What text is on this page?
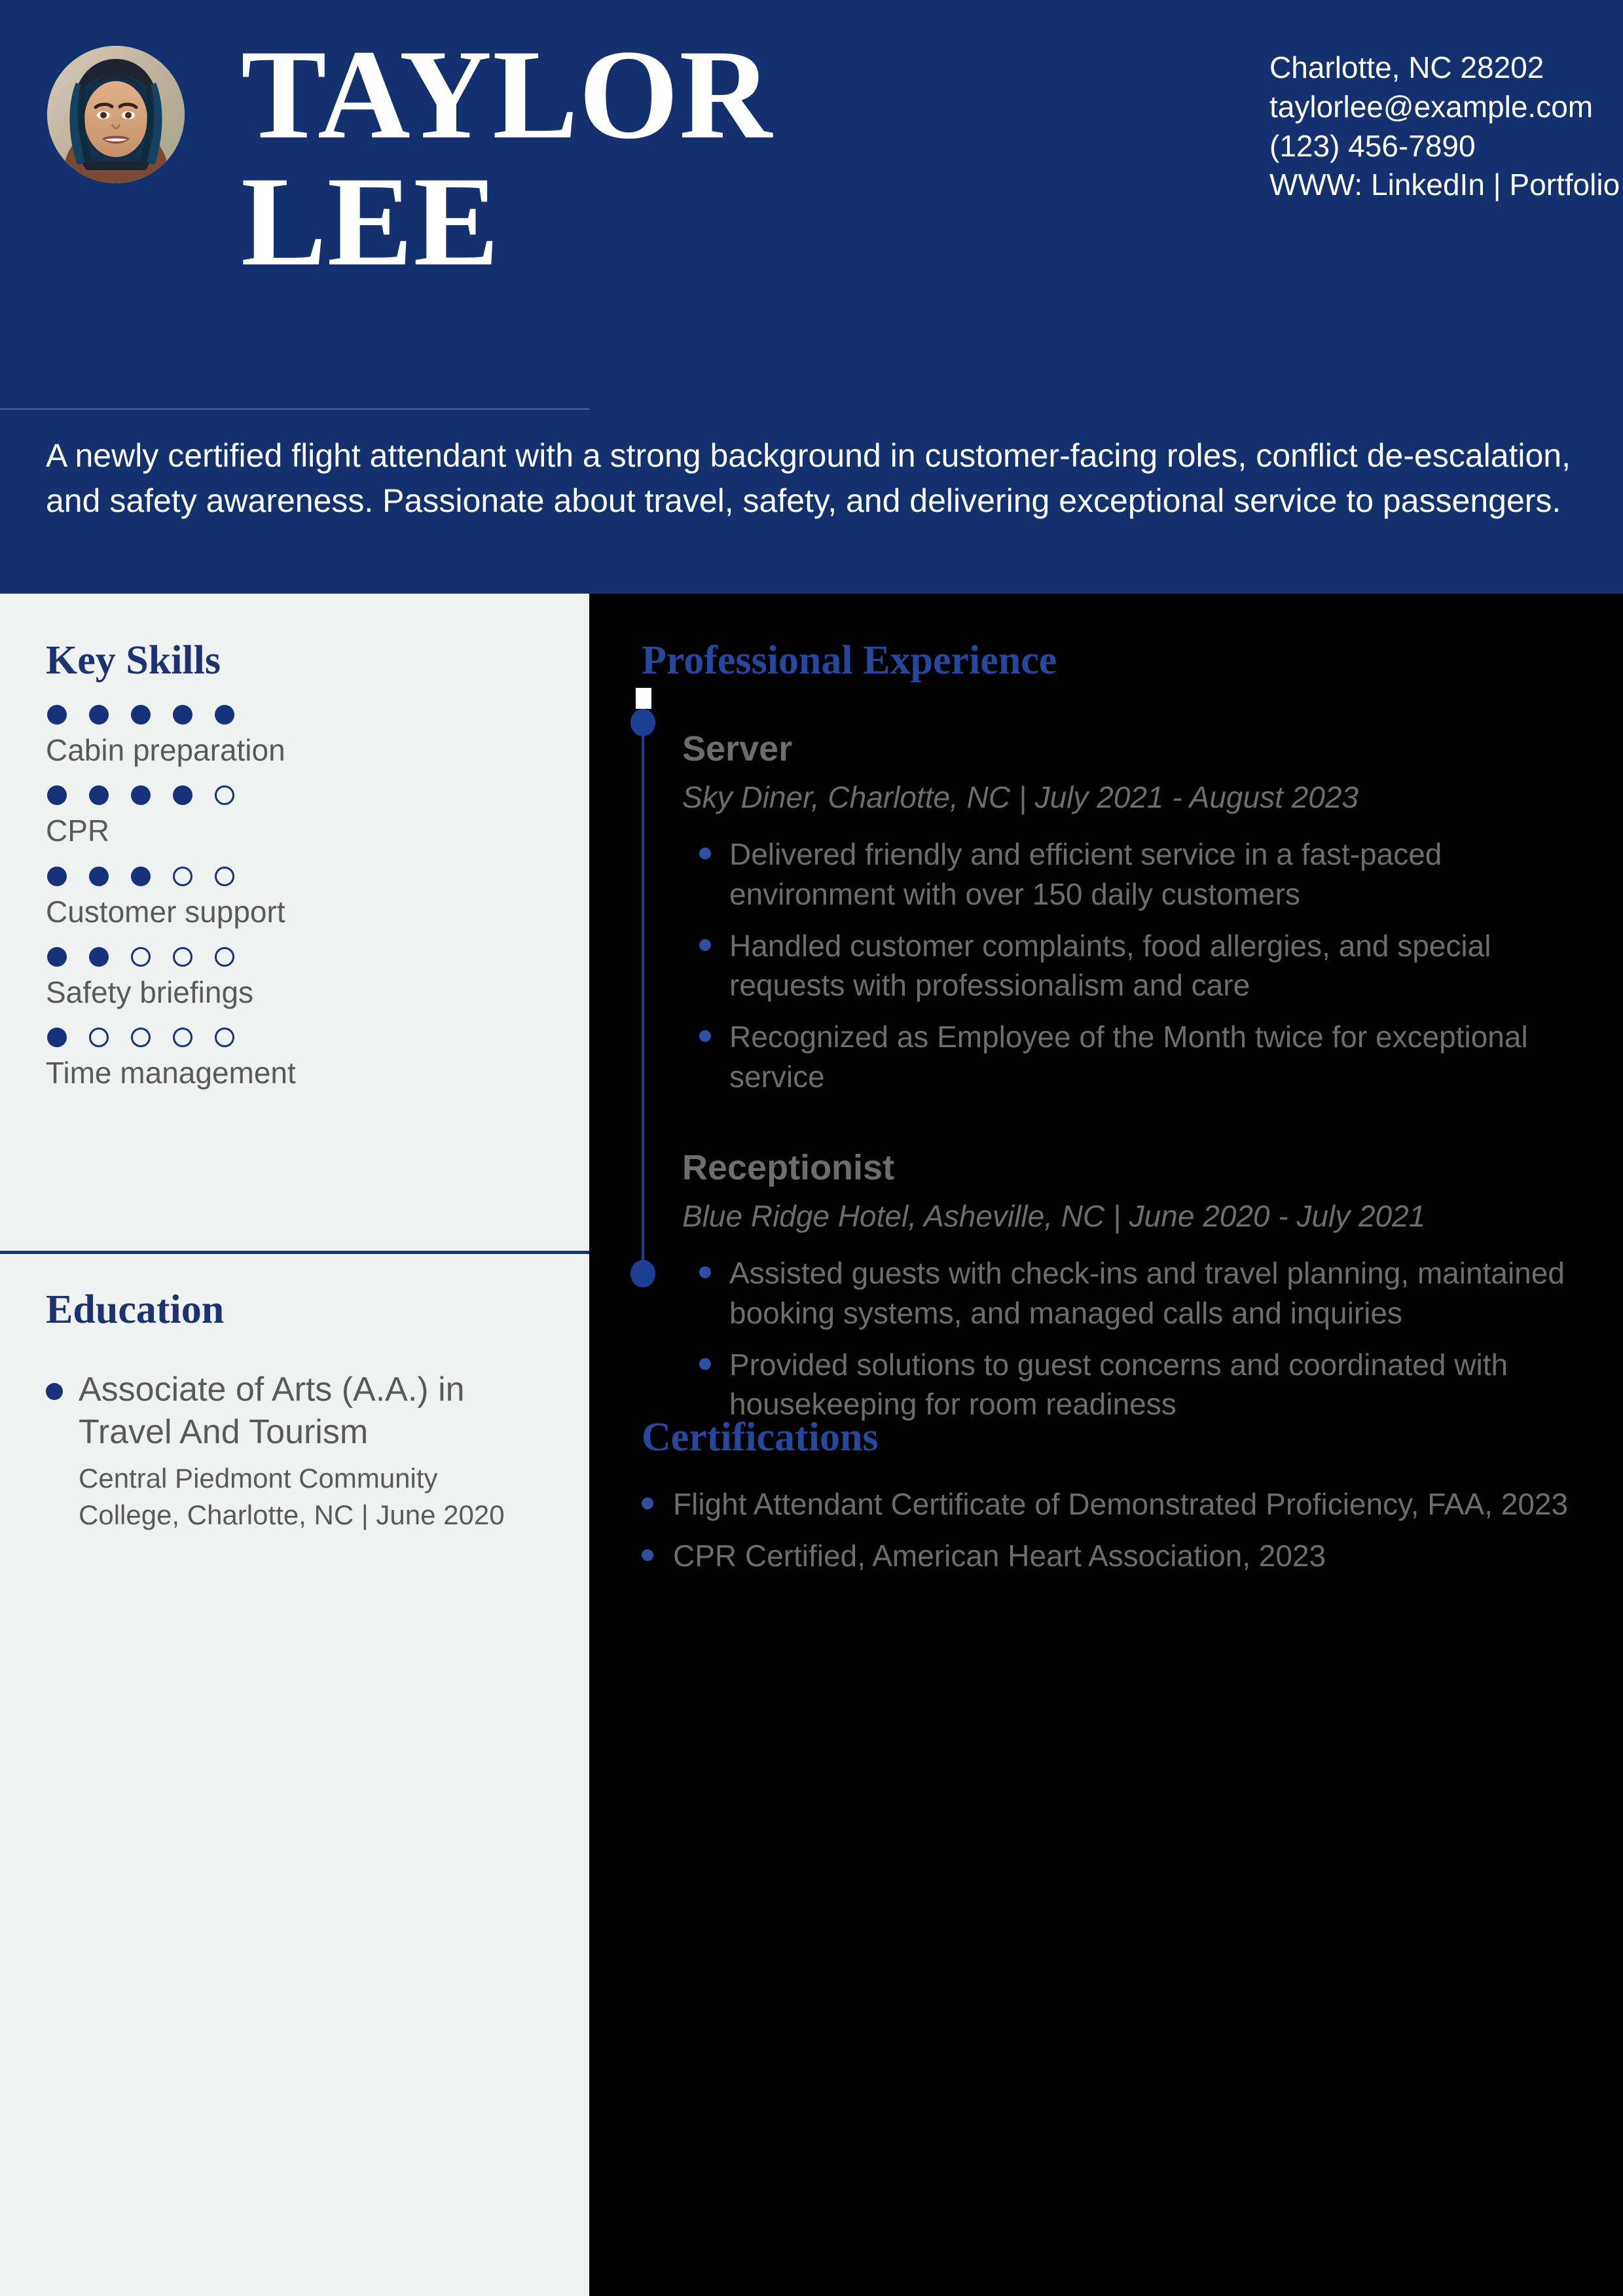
TAYLOR
LEE
Charlotte, NC 28202
taylorlee@example.com
(123) 456-7890
WWW: LinkedIn | Portfolio
A newly certified flight attendant with a strong background in customer-facing roles, conflict de-escalation, and safety awareness. Passionate about travel, safety, and delivering exceptional service to passengers.
Key Skills
Cabin preparation
CPR
Customer support
Safety briefings
Time management
Education
Associate of Arts (A.A.) in Travel And Tourism
Central Piedmont Community College, Charlotte, NC | June 2020
Professional Experience
Server
Sky Diner, Charlotte, NC | July 2021 - August 2023
Delivered friendly and efficient service in a fast-paced environment with over 150 daily customers
Handled customer complaints, food allergies, and special requests with professionalism and care
Recognized as Employee of the Month twice for exceptional service
Receptionist
Blue Ridge Hotel, Asheville, NC | June 2020 - July 2021
Assisted guests with check-ins and travel planning, maintained booking systems, and managed calls and inquiries
Provided solutions to guest concerns and coordinated with housekeeping for room readiness
Certifications
Flight Attendant Certificate of Demonstrated Proficiency, FAA, 2023
CPR Certified, American Heart Association, 2023
